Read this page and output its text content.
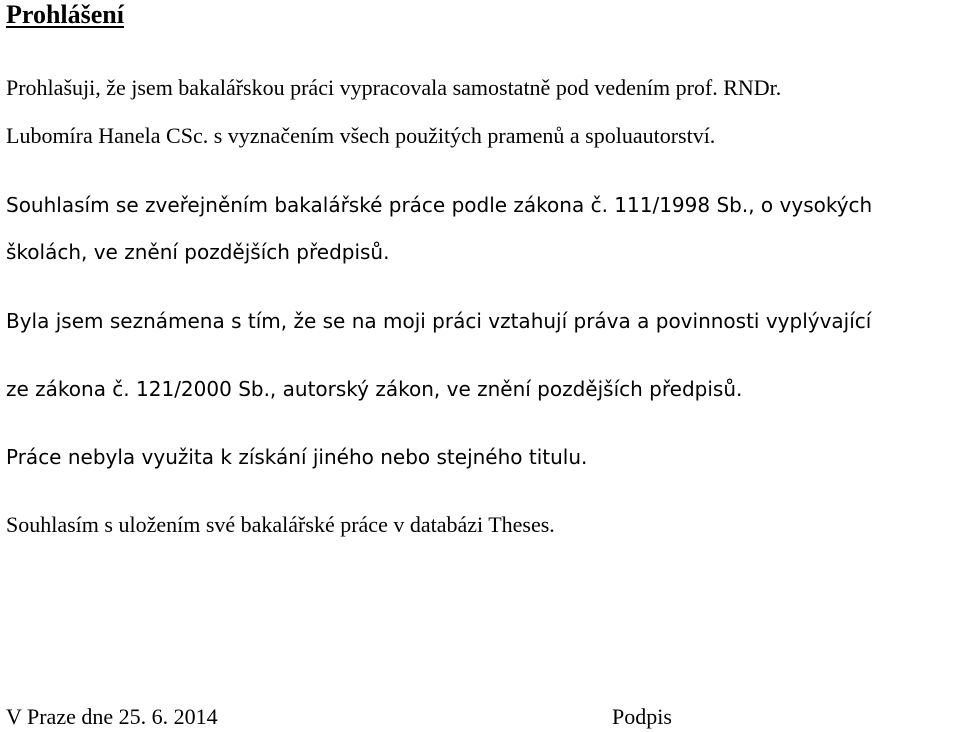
Prohlášení
Prohlašuji, že jsem bakalářskou práci vypracovala samostatně pod vedením prof. RNDr.
Lubomíra Hanela CSc. s vyznačením všech použitých pramenů a spoluautorství.
Souhlasím se zveřejněním bakalářské práce podle zákona č. 111/1998 Sb., o vysokých
školách, ve znění pozdějších předpisů.
Byla jsem seznámena s tím, že se na moji práci vztahují práva a povinnosti vyplývající
ze zákona č. 121/2000 Sb., autorský zákon, ve znění pozdějších předpisů.
Práce nebyla využita k získání jiného nebo stejného titulu.
Souhlasím s uložením své bakalářské práce v databázi Theses.
V Praze dne 25. 6. 2014	Podpis
